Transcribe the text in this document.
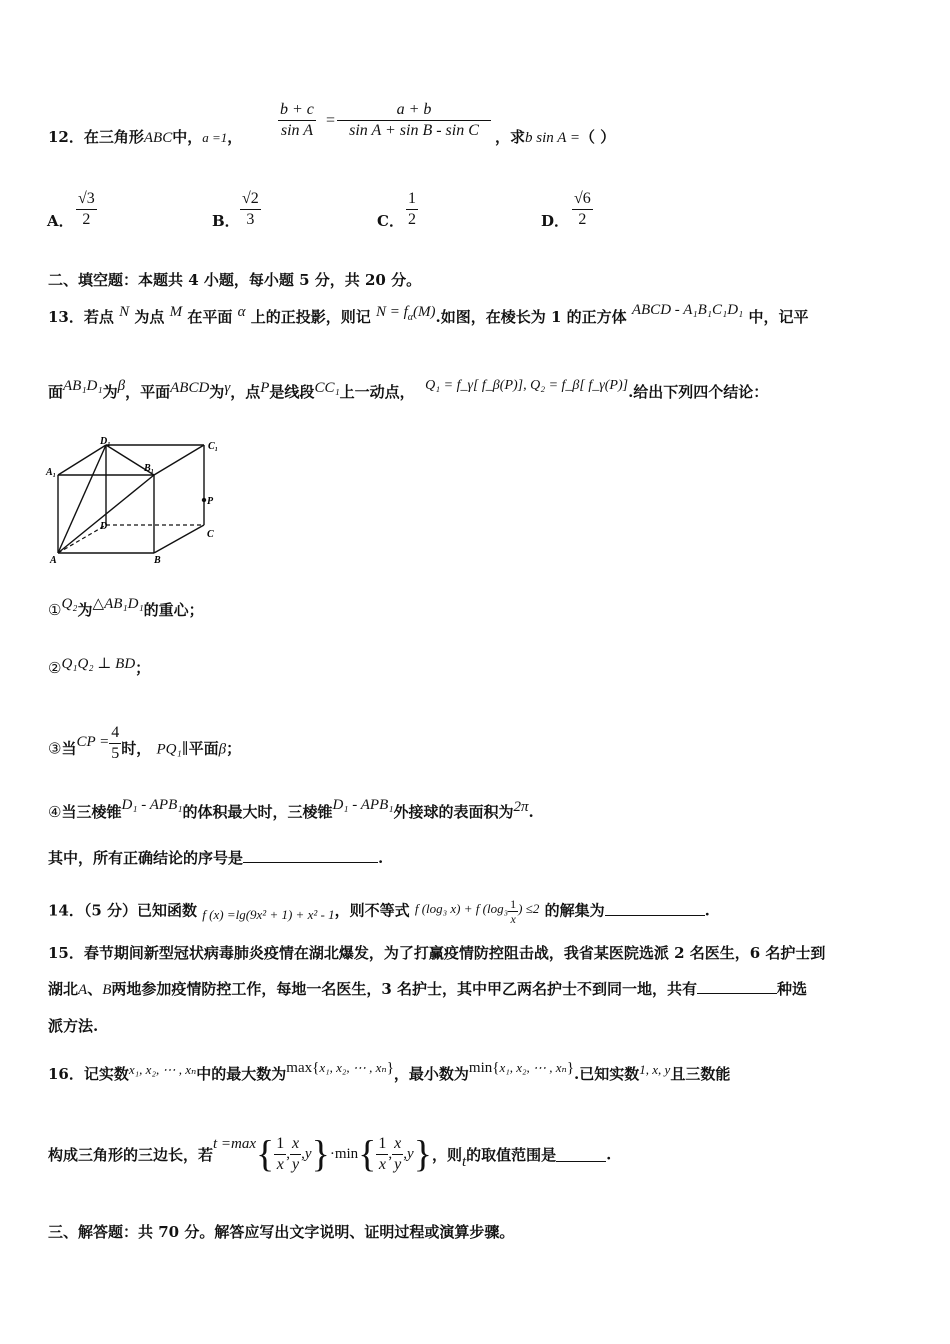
12．在三角形ABC中，a =1， $\frac{b + c}{\text{sin A}} = \frac{a + b}{\text{sin A + sin B - sin C}}$ ，求b sin A =（ ）
A． $\frac{√3}{2}$	B． $\frac{√2}{3}$	C． $\frac{1}{2}$	D． $\frac{√6}{2}$
二、填空题：本题共 4 小题，每小题 5 分，共 20 分。
13．若点 N 为点 M 在平面 α 上的正投影，则记 $N = f_\alpha(M)$.如图，在棱长为 1 的正方体 ABCD - A₁B₁C₁D₁ 中，记平
面AB₁D₁为β，平面ABCD为γ，点P是线段CC₁上一动点， Q₁ = f_γ[ f_β(P)], Q₂ = f_β[ f_γ(P)].给出下列四个结论：
D₁	C₁
A₁	B₁
P
D
C
A	B
①Q₂为△AB₁D₁的重心；
②Q₁Q₂ ⊥ BD；
③当CP = $\frac{4}{5}$ 时， PQ₁∥平面β；
④当三棱锥D₁ - APB₁的体积最大时，三棱锥D₁ - APB₁外接球的表面积为2π.
其中，所有正确结论的序号是	.
14．（5 分）已知函数 f (x) =lg(9x² + 1) + x² - 1，则不等式 f (log₃ x) + f ($\log_3 \frac{1}{x}$ ) ≤2 的解集为	.
15．春节期间新型冠状病毒肺炎疫情在湖北爆发，为了打赢疫情防控阻击战，我省某医院选派 2 名医生，6 名护士到
湖北A、B两地参加疫情防控工作，每地一名医生，3 名护士，其中甲乙两名护士不到同一地，共有	种选
派方法.
16．记实数x₁, x₂, ⋯ , xₙ中的最大数为max{x₁, x₂, ⋯ , xₙ}，最小数为min{x₁, x₂, ⋯ , xₙ}.已知实数1, x, y且三数能
构成三角形的三边长，若$t =\max\{ \frac{1}{x}$ , $\frac{x}{y} ,y\}\cdot\min\{ \frac{1}{x}$ , $\frac{x}{y} ,y$}，则t的取值范围是	.
三、解答题：共 70 分。解答应写出文字说明、证明过程或演算步骤。
